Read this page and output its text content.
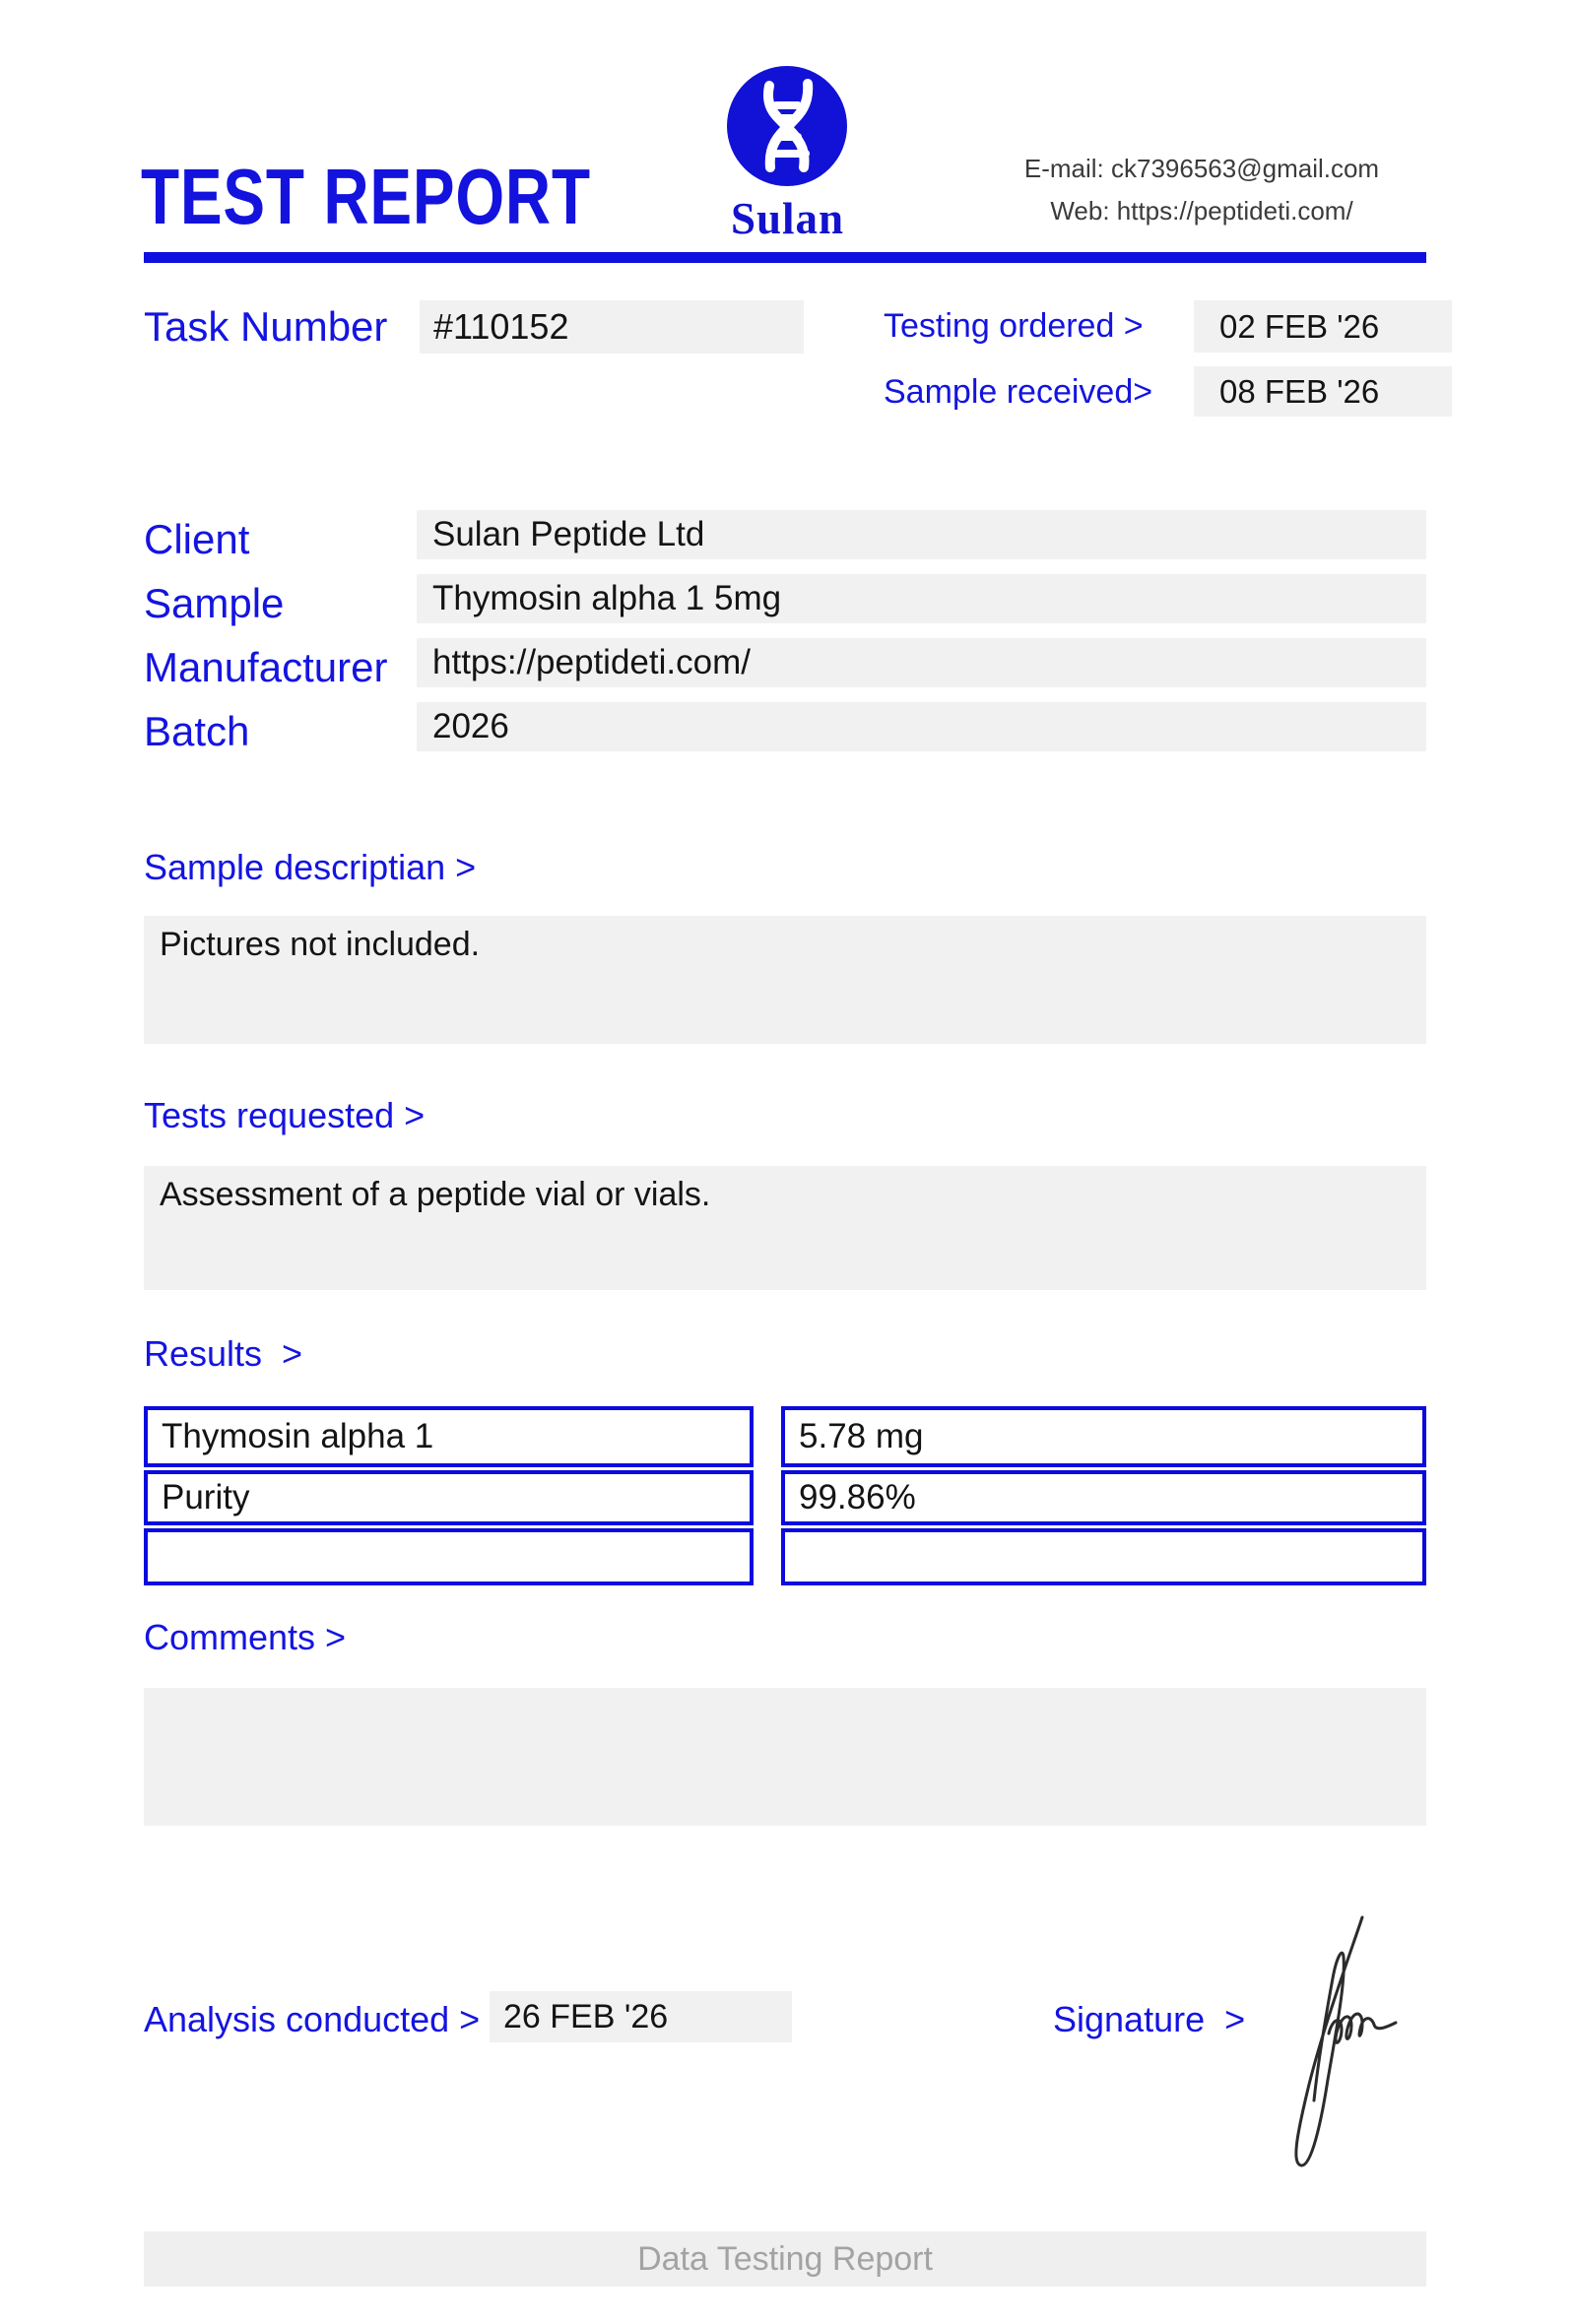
TEST REPORT	Sulan
E-mail: ck7396563@gmail.com
Web: https://peptideti.com/
Task Number	#110152	Testing ordered >	02 FEB '26
Sample received>	08 FEB '26
Client	Sulan Peptide Ltd
Sample	Thymosin alpha 1 5mg
Manufacturer	https://peptideti.com/
Batch	2026
Sample descriptian >
Pictures not included.
Tests requested >
Assessment of a peptide vial or vials.
Results  >
Thymosin alpha 1	5.78 mg
Purity	99.86%
Comments >
Analysis conducted > 26 FEB '26	Signature  >
Data Testing Report
